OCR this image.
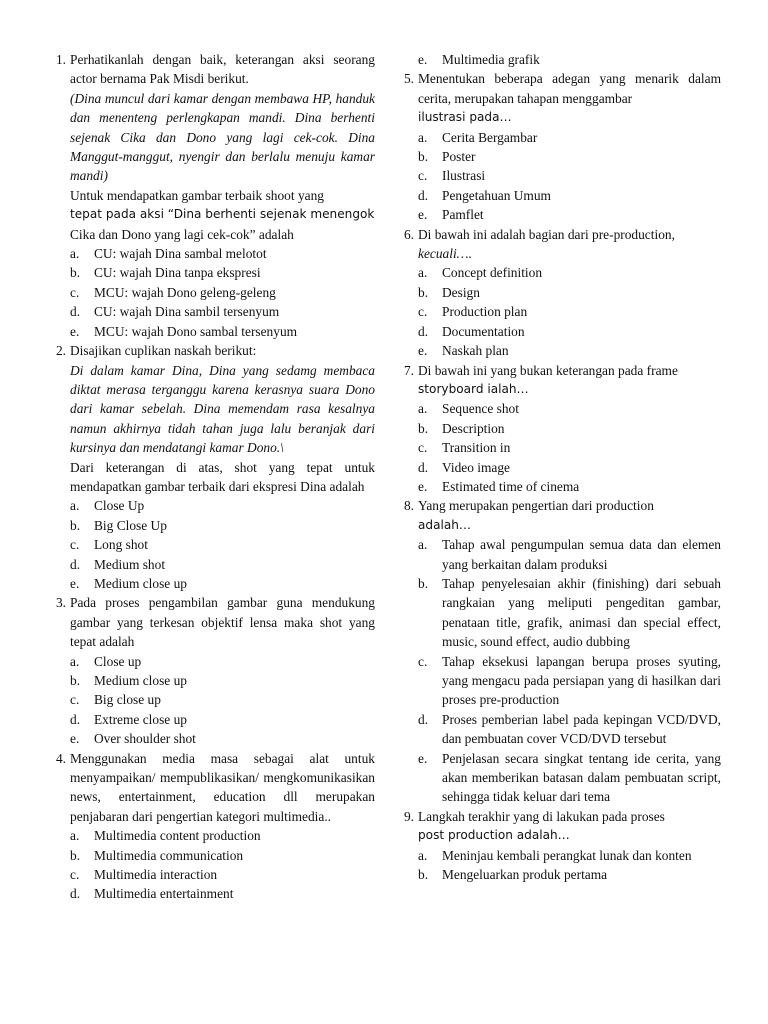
1. Perhatikanlah dengan baik, keterangan aksi seorang actor bernama Pak Misdi berikut.

(Dina muncul dari kamar dengan membawa HP, handuk dan menenteng perlengkapan mandi. Dina berhenti sejenak Cika dan Dono yang lagi cek-cok. Dina Manggut-manggut, nyengir dan berlalu menuju kamar mandi)

Untuk mendapatkan gambar terbaik shoot yang

tepat pada aksi “Dina berhenti sejenak menengok

Cika dan Dono yang lagi cek-cok” adalah

a. CU: wajah Dina sambal melotot

b. CU: wajah Dina tanpa ekspresi

c. MCU: wajah Dono geleng-geleng

d. CU: wajah Dina sambil tersenyum

e. MCU: wajah Dono sambal tersenyum

2. Disajikan cuplikan naskah berikut:

Di dalam kamar Dina, Dina yang sedamg membaca diktat merasa terganggu karena kerasnya suara Dono dari kamar sebelah. Dina memendam rasa kesalnya namun akhirnya tidah tahan juga lalu beranjak dari kursinya dan mendatangi kamar Dono.\

Dari keterangan di atas, shot yang tepat untuk mendapatkan gambar terbaik dari ekspresi Dina adalah

a. Close Up

b. Big Close Up

c. Long shot

d. Medium shot

e. Medium close up

3. Pada proses pengambilan gambar guna mendukung gambar yang terkesan objektif lensa maka shot yang tepat adalah

a. Close up

b. Medium close up

c. Big close up

d. Extreme close up

e. Over shoulder shot

4. Menggunakan media masa sebagai alat untuk menyampaikan/ mempublikasikan/ mengkomunikasikan news, entertainment, education dll merupakan penjabaran dari pengertian kategori multimedia..

a. Multimedia content production

b. Multimedia communication

c. Multimedia interaction

d. Multimedia entertainment

e. Multimedia grafik

5. Menentukan beberapa adegan yang menarik dalam cerita, merupakan tahapan menggambar

ilustrasi pada…

a. Cerita Bergambar

b. Poster

c. Ilustrasi

d. Pengetahuan Umum

e. Pamflet

6. Di bawah ini adalah bagian dari pre-production,

kecuali….

a. Concept definition

b. Design

c. Production plan

d. Documentation

e. Naskah plan

7. Di bawah ini yang bukan keterangan pada frame

storyboard ialah…

a. Sequence shot

b. Description

c. Transition in

d. Video image

e. Estimated time of cinema

8. Yang merupakan pengertian dari production

adalah…

a. Tahap awal pengumpulan semua data dan elemen yang berkaitan dalam produksi

b. Tahap penyelesaian akhir (finishing) dari sebuah rangkaian yang meliputi pengeditan gambar, penataan title, grafik, animasi dan special effect, music, sound effect, audio dubbing

c. Tahap eksekusi lapangan berupa proses syuting, yang mengacu pada persiapan yang di hasilkan dari proses pre-production

d. Proses pemberian label pada kepingan VCD/DVD, dan pembuatan cover VCD/DVD tersebut

e. Penjelasan secara singkat tentang ide cerita, yang akan memberikan batasan dalam pembuatan script, sehingga tidak keluar dari tema

9. Langkah terakhir yang di lakukan pada proses

post production adalah…

a. Meninjau kembali perangkat lunak dan konten

b. Mengeluarkan produk pertama
